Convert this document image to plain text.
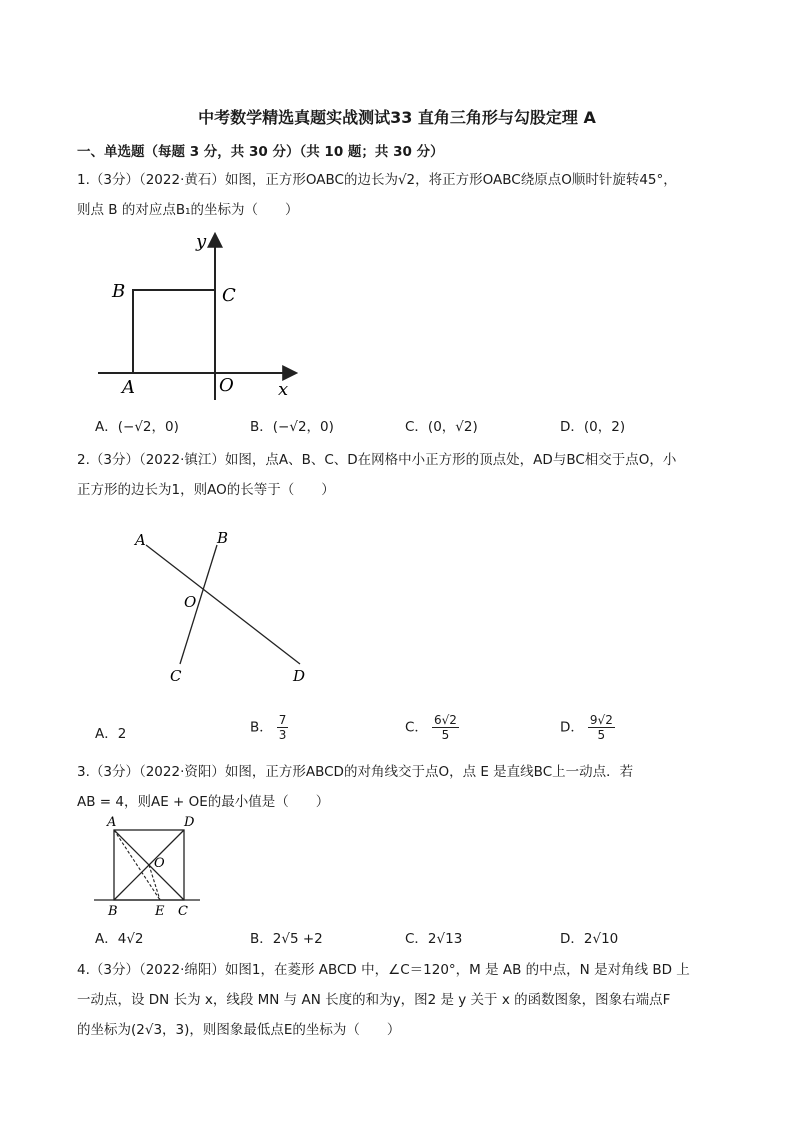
中考数学精选真题实战测试33 直角三角形与勾股定理 A
一、单选题（每题 3 分，共 30 分）（共 10 题；共 30 分）
1.（3分）（2022·黄石）如图，正方形OABC的边长为√2，将正方形OABC绕原点O顺时针旋转45°，
则点 B 的对应点B₁的坐标为（　　）
y
B	C
A	O x
A．(−√2，0)	B．(−√2，0)	C．(0，√2)	D．(0，2)
2.（3分）（2022·镇江）如图，点A、B、C、D在网格中小正方形的顶点处，AD与BC相交于点O，小
正方形的边长为1，则AO的长等于（　　）
A	B
O
C	D
A．2	B． $\frac{7}{3}$	C． $\frac{6√2}{5}$	D． $\frac{9√2}{5}$
3.（3分）（2022·资阳）如图，正方形ABCD的对角线交于点O，点 E 是直线BC上一动点．若
AB = 4，则AE + OE的最小值是（　　）
A	D
O
B	E C
A．4√2	B．2√5 +2	C．2√13	D．2√10
4.（3分）（2022·绵阳）如图1，在菱形 ABCD 中，∠C＝120°，M 是 AB 的中点，N 是对角线 BD 上
一动点，设 DN 长为 x，线段 MN 与 AN 长度的和为y，图2 是 y 关于 x 的函数图象，图象右端点F
的坐标为(2√3，3)，则图象最低点E的坐标为（　　）
